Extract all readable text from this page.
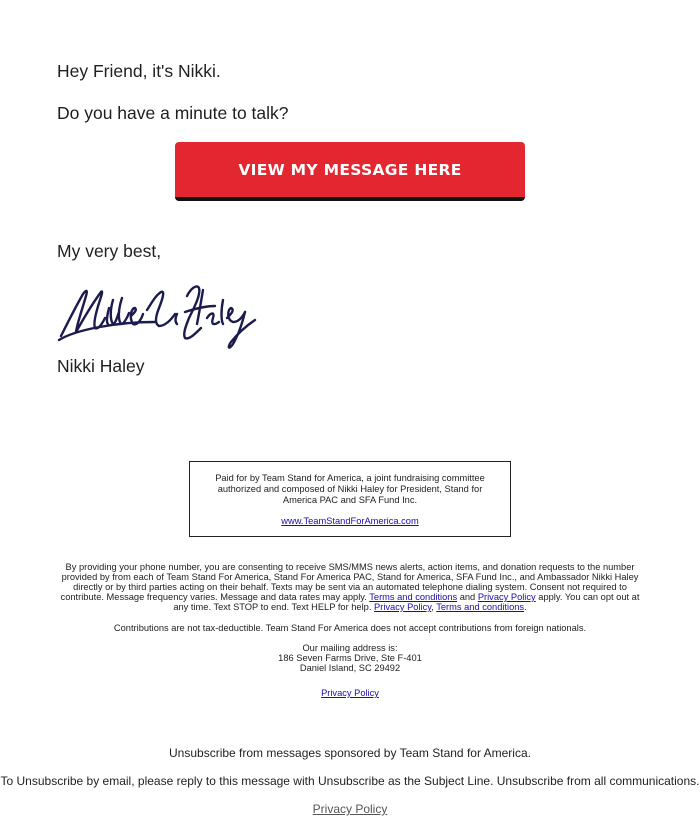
Hey Friend, it's Nikki.
Do you have a minute to talk?
VIEW MY MESSAGE HERE
My very best,
Nikki Haley
Paid for by Team Stand for America, a joint fundraising committee authorized and composed of Nikki Haley for President, Stand for America PAC and SFA Fund Inc.
www.TeamStandForAmerica.com
By providing your phone number, you are consenting to receive SMS/MMS news alerts, action items, and donation requests to the number provided by from each of Team Stand For America, Stand For America PAC, Stand for America, SFA Fund Inc., and Ambassador Nikki Haley directly or by third parties acting on their behalf. Texts may be sent via an automated telephone dialing system. Consent not required to contribute. Message frequency varies. Message and data rates may apply. Terms and conditions and Privacy Policy apply. You can opt out at any time. Text STOP to end. Text HELP for help. Privacy Policy, Terms and conditions.
Contributions are not tax-deductible. Team Stand For America does not accept contributions from foreign nationals.
Our mailing address is:
186 Seven Farms Drive, Ste F-401
Daniel Island, SC 29492
Privacy Policy
Unsubscribe from messages sponsored by Team Stand for America.
To Unsubscribe by email, please reply to this message with Unsubscribe as the Subject Line. Unsubscribe from all communications.
Privacy Policy
